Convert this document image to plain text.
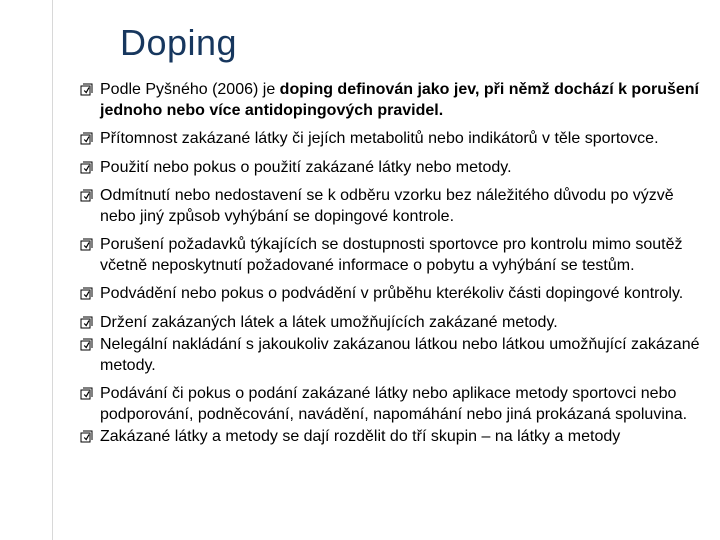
Doping
Podle Pyšného (2006) je doping definován jako jev, při němž dochází k porušení jednoho nebo více antidopingových pravidel.
Přítomnost zakázané látky či jejích metabolitů nebo indikátorů v těle sportovce.
Použití nebo pokus o použití zakázané látky nebo metody.
Odmítnutí nebo nedostavení se k odběru vzorku bez náležitého důvodu po výzvě nebo jiný způsob vyhýbání se dopingové kontrole.
Porušení požadavků týkajících se dostupnosti sportovce pro kontrolu mimo soutěž včetně neposkytnutí požadované informace o pobytu a vyhýbání se testům.
Podvádění nebo pokus o podvádění v průběhu kterékoliv části dopingové kontroly.
Držení zakázaných látek a látek umožňujících zakázané metody.
Nelegální nakládání s jakoukoliv zakázanou látkou nebo látkou umožňující zakázané metody.
Podávání či pokus o podání zakázané látky nebo aplikace metody sportovci nebo podporování, podněcování, navádění, napomáhání nebo jiná prokázaná spoluvina.
Zakázané látky a metody se dají rozdělit do tří skupin – na látky a metody
